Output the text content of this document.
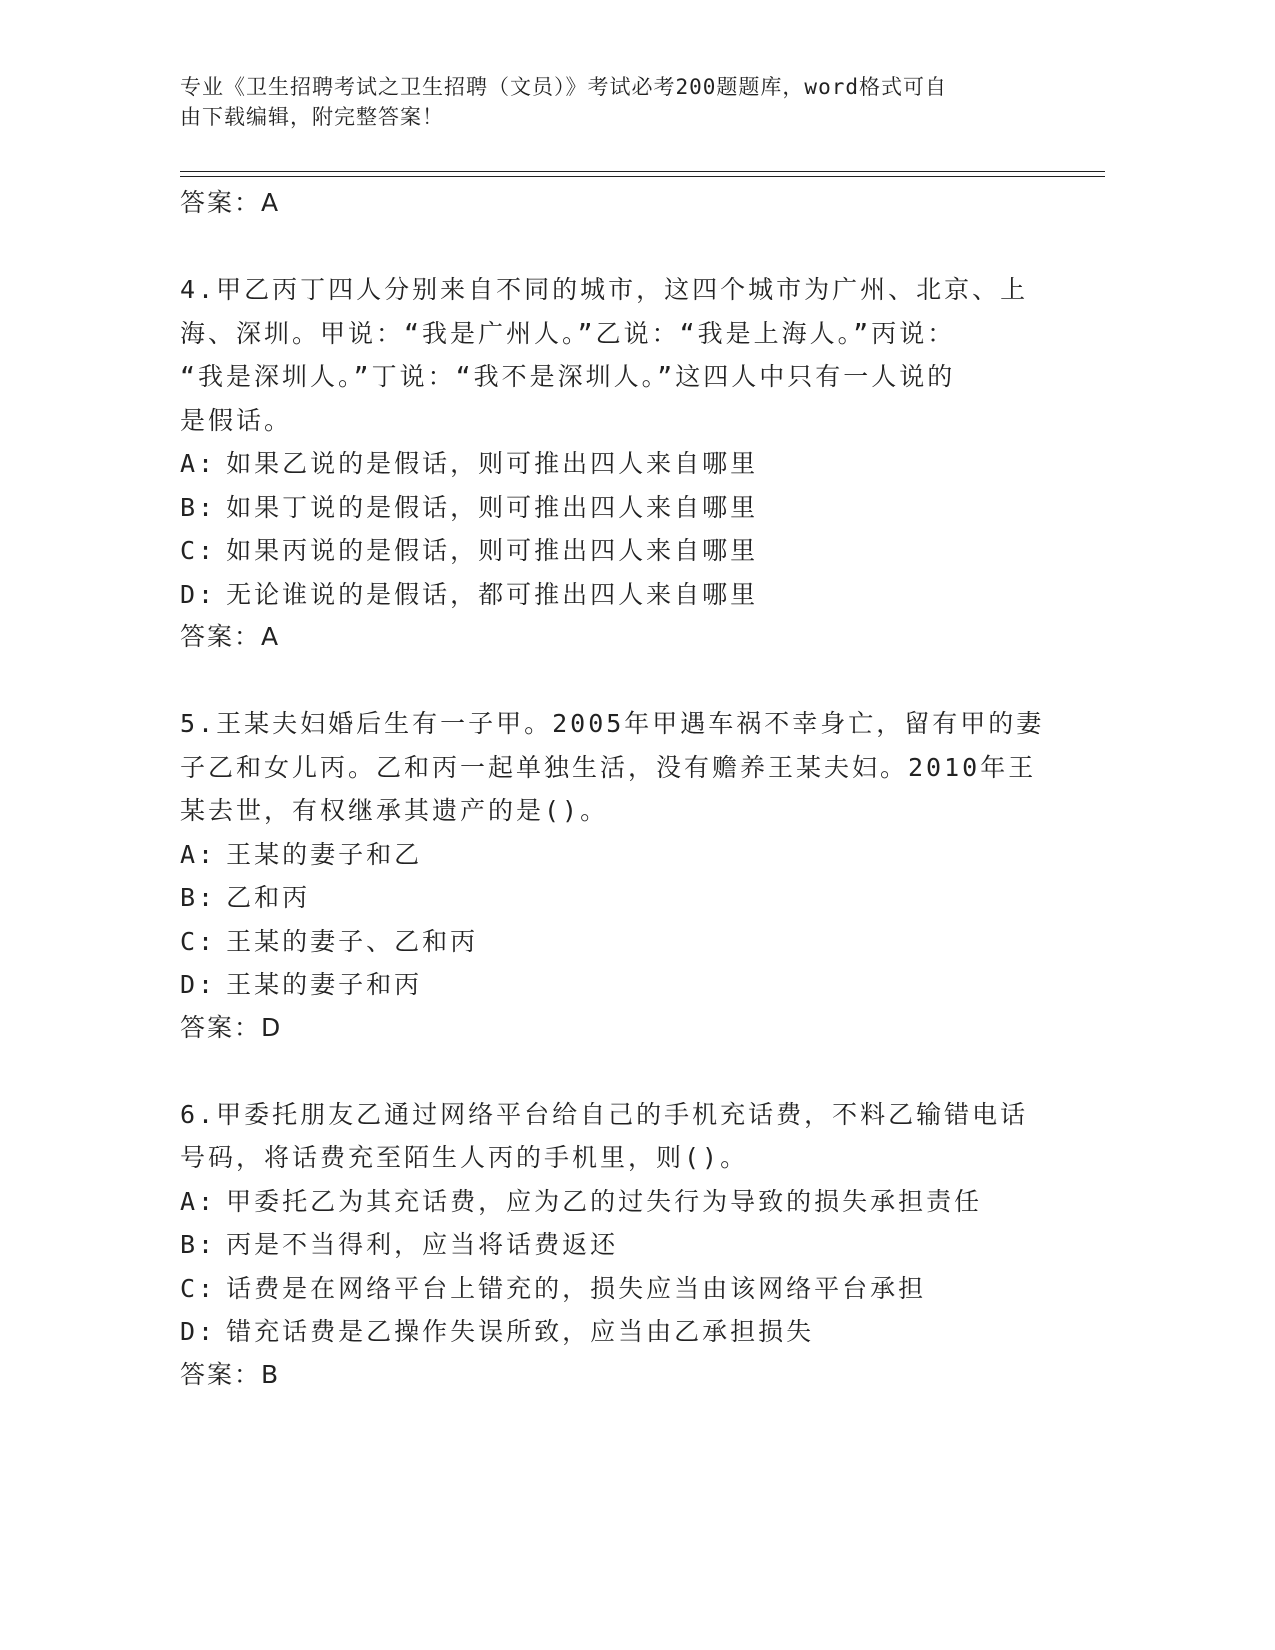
专业《卫生招聘考试之卫生招聘（文员）》考试必考200题题库，word格式可自
由下载编辑，附完整答案！
答案：A
4.甲乙丙丁四人分别来自不同的城市，这四个城市为广州、北京、上
海、深圳。甲说：“我是广州人。”乙说：“我是上海人。”丙说：
“我是深圳人。”丁说：“我不是深圳人。”这四人中只有一人说的
是假话。
A: 如果乙说的是假话，则可推出四人来自哪里
B: 如果丁说的是假话，则可推出四人来自哪里
C: 如果丙说的是假话，则可推出四人来自哪里
D: 无论谁说的是假话，都可推出四人来自哪里
答案：A
5.王某夫妇婚后生有一子甲。2005年甲遇车祸不幸身亡，留有甲的妻
子乙和女儿丙。乙和丙一起单独生活，没有赡养王某夫妇。2010年王
某去世，有权继承其遗产的是()。
A: 王某的妻子和乙
B: 乙和丙
C: 王某的妻子、乙和丙
D: 王某的妻子和丙
答案：D
6.甲委托朋友乙通过网络平台给自己的手机充话费，不料乙输错电话
号码，将话费充至陌生人丙的手机里，则()。
A: 甲委托乙为其充话费，应为乙的过失行为导致的损失承担责任
B: 丙是不当得利，应当将话费返还
C: 话费是在网络平台上错充的，损失应当由该网络平台承担
D: 错充话费是乙操作失误所致，应当由乙承担损失
答案：B
